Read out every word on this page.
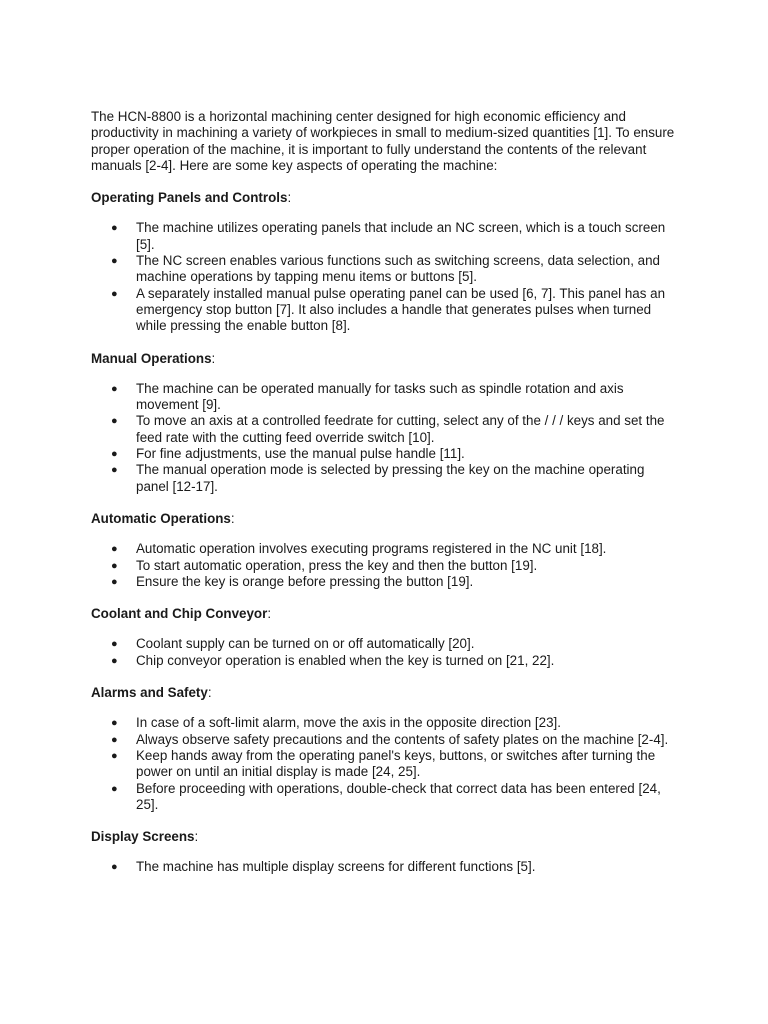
The HCN-8800 is a horizontal machining center designed for high economic efficiency and productivity in machining a variety of workpieces in small to medium-sized quantities [1]. To ensure proper operation of the machine, it is important to fully understand the contents of the relevant manuals [2-4]. Here are some key aspects of operating the machine:

Operating Panels and Controls:

● The machine utilizes operating panels that include an NC screen, which is a touch screen [5].
● The NC screen enables various functions such as switching screens, data selection, and machine operations by tapping menu items or buttons [5].
● A separately installed manual pulse operating panel can be used [6, 7]. This panel has an emergency stop button [7]. It also includes a handle that generates pulses when turned while pressing the enable button [8].

Manual Operations:

● The machine can be operated manually for tasks such as spindle rotation and axis movement [9].
● To move an axis at a controlled feedrate for cutting, select any of the / / / keys and set the feed rate with the cutting feed override switch [10].
● For fine adjustments, use the manual pulse handle [11].
● The manual operation mode is selected by pressing the key on the machine operating panel [12-17].

Automatic Operations:

● Automatic operation involves executing programs registered in the NC unit [18].
● To start automatic operation, press the key and then the button [19].
● Ensure the key is orange before pressing the button [19].

Coolant and Chip Conveyor:

● Coolant supply can be turned on or off automatically [20].
● Chip conveyor operation is enabled when the key is turned on [21, 22].

Alarms and Safety:

● In case of a soft-limit alarm, move the axis in the opposite direction [23].
● Always observe safety precautions and the contents of safety plates on the machine [2-4].
● Keep hands away from the operating panel's keys, buttons, or switches after turning the power on until an initial display is made [24, 25].
● Before proceeding with operations, double-check that correct data has been entered [24, 25].

Display Screens:

● The machine has multiple display screens for different functions [5].
